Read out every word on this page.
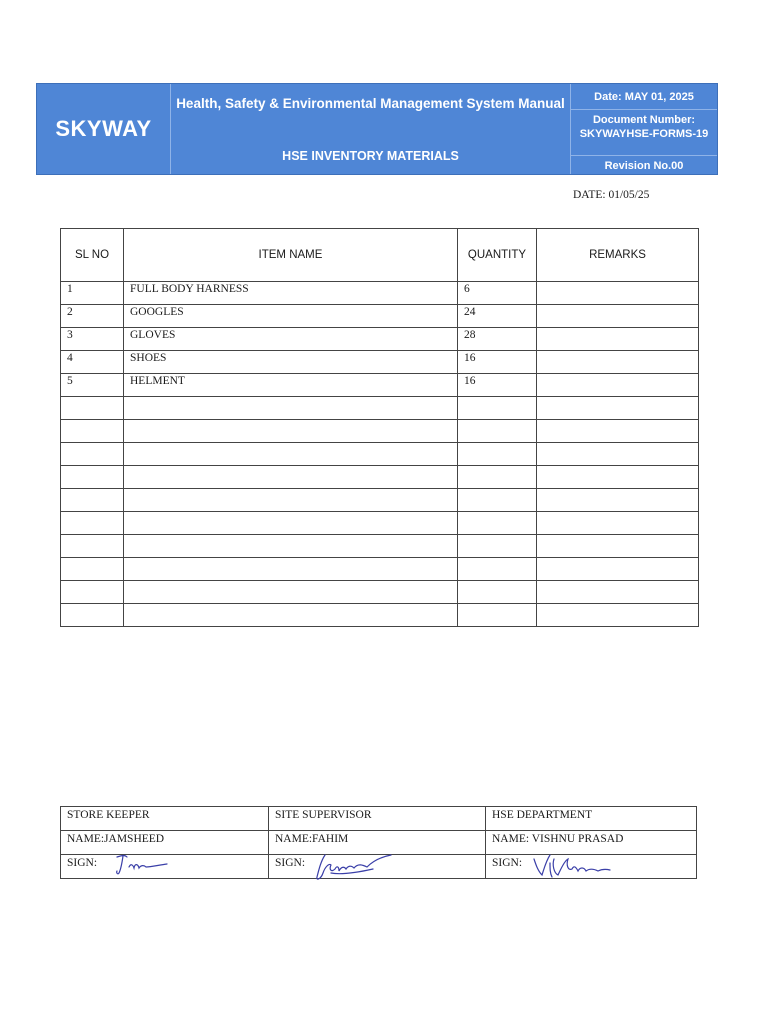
SKYWAY
Health, Safety & Environmental Management System Manual
HSE INVENTORY MATERIALS
Date: MAY 01, 2025
Document Number:
SKYWAYHSE-FORMS-19
Revision No.00
DATE: 01/05/25
SL NO	ITEM NAME	QUANTITY	REMARKS
1	FULL BODY HARNESS	6	
2	GOOGLES	24	
3	GLOVES	28	
4	SHOES	16	
5	HELMENT	16	

STORE KEEPER	SITE SUPERVISOR	HSE DEPARTMENT
NAME:JAMSHEED	NAME:FAHIM	NAME: VISHNU PRASAD
SIGN:	SIGN:	SIGN:
